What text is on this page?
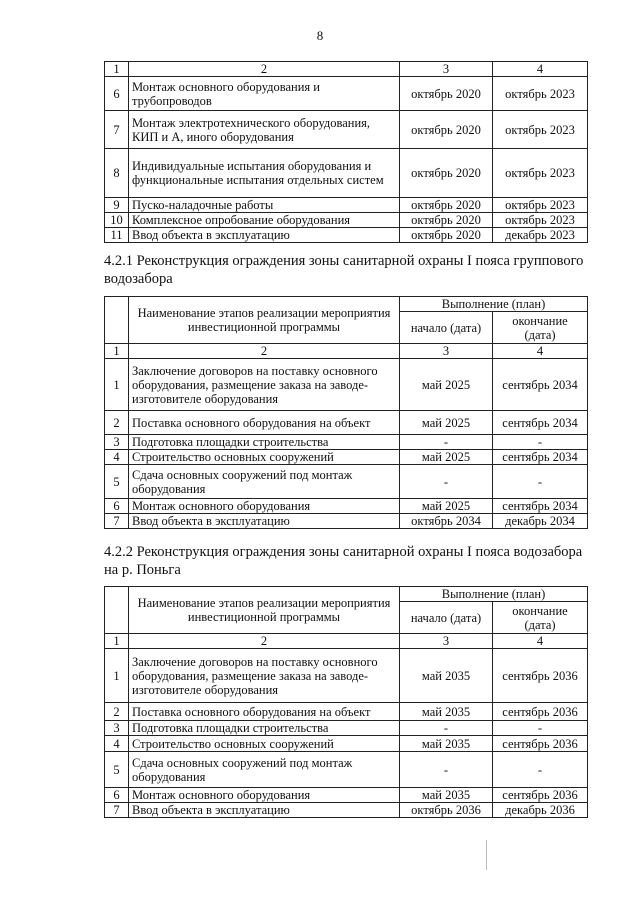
8
1	2	3	4
6	Монтаж основного оборудования и трубопроводов	октябрь 2020	октябрь 2023
7	Монтаж электротехнического оборудования, КИП и А, иного оборудования	октябрь 2020	октябрь 2023
8	Индивидуальные испытания оборудования и функциональные испытания отдельных систем	октябрь 2020	октябрь 2023
9	Пуско-наладочные работы	октябрь 2020	октябрь 2023
10	Комплексное опробование оборудования	октябрь 2020	октябрь 2023
11	Ввод объекта в эксплуатацию	октябрь 2020	декабрь 2023
4.2.1 Реконструкция ограждения зоны санитарной охраны I пояса группового водозабора
	Наименование этапов реализации мероприятия инвестиционной программы	Выполнение (план)	
		начало (дата)	окончание (дата)
1	2	3	4
1	Заключение договоров на поставку основного оборудования, размещение заказа на заводе-изготовителе оборудования	май 2025	сентябрь 2034
2	Поставка основного оборудования на объект	май 2025	сентябрь 2034
3	Подготовка площадки строительства	-	-
4	Строительство основных сооружений	май 2025	сентябрь 2034
5	Сдача основных сооружений под монтаж оборудования	-	-
6	Монтаж основного оборудования	май 2025	сентябрь 2034
7	Ввод объекта в эксплуатацию	октябрь 2034	декабрь 2034
4.2.2 Реконструкция ограждения зоны санитарной охраны I пояса водозабора на р. Поньга
	Наименование этапов реализации мероприятия инвестиционной программы	Выполнение (план)	
		начало (дата)	окончание (дата)
1	2	3	4
1	Заключение договоров на поставку основного оборудования, размещение заказа на заводе-изготовителе оборудования	май 2035	сентябрь 2036
2	Поставка основного оборудования на объект	май 2035	сентябрь 2036
3	Подготовка площадки строительства	-	-
4	Строительство основных сооружений	май 2035	сентябрь 2036
5	Сдача основных сооружений под монтаж оборудования	-	-
6	Монтаж основного оборудования	май 2035	сентябрь 2036
7	Ввод объекта в эксплуатацию	октябрь 2036	декабрь 2036
